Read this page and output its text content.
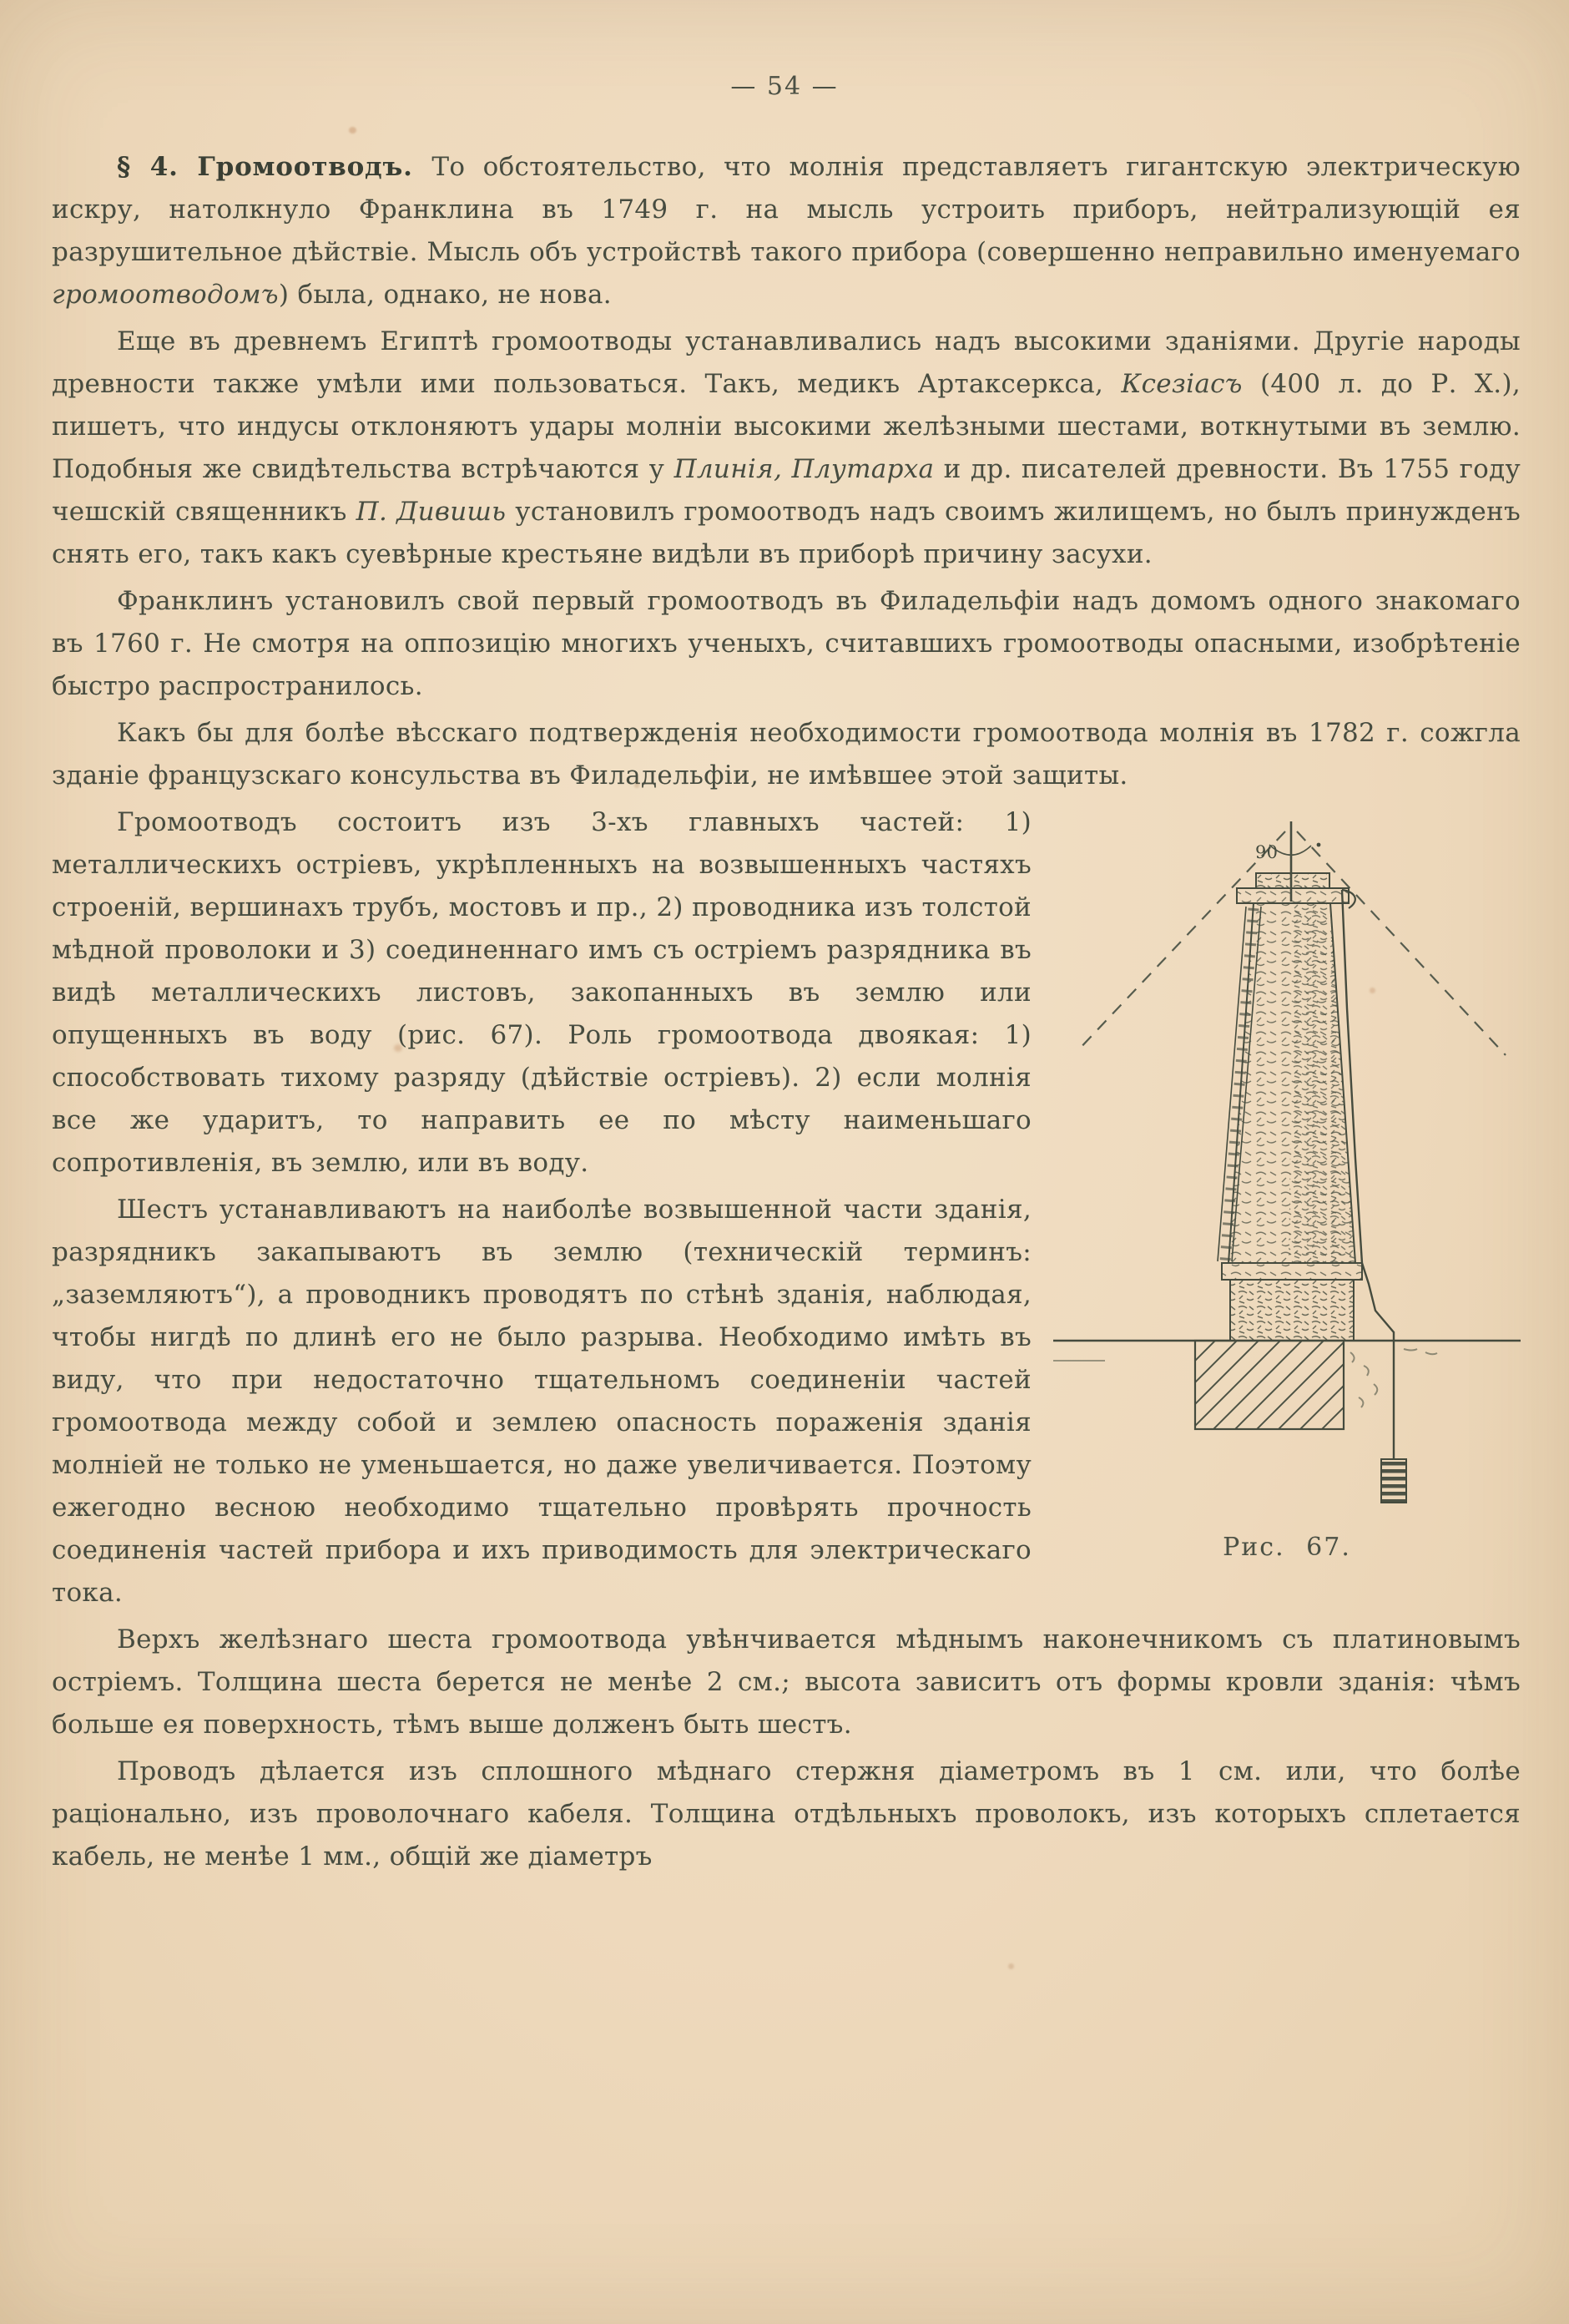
— 54 —

§ 4. Громоотводъ. То обстоятельство, что молнія представляетъ гигантскую электрическую искру, натолкнуло Франклина въ 1749 г. на мысль устроить приборъ, нейтрализующій ея разрушительное дѣйствіе. Мысль объ устройствѣ такого прибора (совершенно неправильно именуемаго громоотводомъ) была, однако, не нова.

Еще въ древнемъ Египтѣ громоотводы устанавливались надъ высокими зданіями. Другіе народы древности также умѣли ими пользоваться. Такъ, медикъ Артаксеркса, Ксезіасъ (400 л. до Р. Х.), пишетъ, что индусы отклоняютъ удары молніи высокими желѣзными шестами, воткнутыми въ землю. Подобныя же свидѣтельства встрѣчаются у Плинія, Плутарха и др. писателей древности. Въ 1755 году чешскій священникъ П. Дивишь установилъ громоотводъ надъ своимъ жилищемъ, но былъ принужденъ снять его, такъ какъ суевѣрные крестьяне видѣли въ приборѣ причину засухи.

Франклинъ установилъ свой первый громоотводъ въ Филадельфіи надъ домомъ одного знакомаго въ 1760 г. Не смотря на оппозицію многихъ ученыхъ, считавшихъ громоотводы опасными, изобрѣтеніе быстро распространилось.

Какъ бы для болѣе вѣсскаго подтвержденія необходимости громоотвода молнія въ 1782 г. сожгла зданіе французскаго консульства въ Филадельфіи, не имѣвшее этой защиты.

90
Рис. 67.

Громоотводъ состоитъ изъ 3-хъ главныхъ частей: 1) металлическихъ остріевъ, укрѣпленныхъ на возвышенныхъ частяхъ строеній, вершинахъ трубъ, мостовъ и пр., 2) проводника изъ толстой мѣдной проволоки и 3) соединеннаго имъ съ остріемъ разрядника въ видѣ металлическихъ листовъ, закопанныхъ въ землю или опущенныхъ въ воду (рис. 67). Роль громоотвода двоякая: 1) способствовать тихому разряду (дѣйствіе остріевъ). 2) если молнія все же ударитъ, то направить ее по мѣсту наименьшаго сопротивленія, въ землю, или въ воду.

Шестъ устанавливаютъ на наиболѣе возвышенной части зданія, разрядникъ закапываютъ въ землю (техническій терминъ: „заземляютъ“), а проводникъ проводятъ по стѣнѣ зданія, наблюдая, чтобы нигдѣ по длинѣ его не было разрыва. Необходимо имѣть въ виду, что при недостаточно тщательномъ соединеніи частей громоотвода между собой и землею опасность пораженія зданія молніей не только не уменьшается, но даже увеличивается. Поэтому ежегодно весною необходимо тщательно провѣрять прочность соединенія частей прибора и ихъ приводимость для электрическаго тока.

Верхъ желѣзнаго шеста громоотвода увѣнчивается мѣднымъ наконечникомъ съ платиновымъ остріемъ. Толщина шеста берется не менѣе 2 см.; высота зависитъ отъ формы кровли зданія: чѣмъ больше ея поверхность, тѣмъ выше долженъ быть шестъ.

Проводъ дѣлается изъ сплошного мѣднаго стержня діаметромъ въ 1 см. или, что болѣе раціонально, изъ проволочнаго кабеля. Толщина отдѣльныхъ проволокъ, изъ которыхъ сплетается кабель, не менѣе 1 мм., общій же діаметръ
